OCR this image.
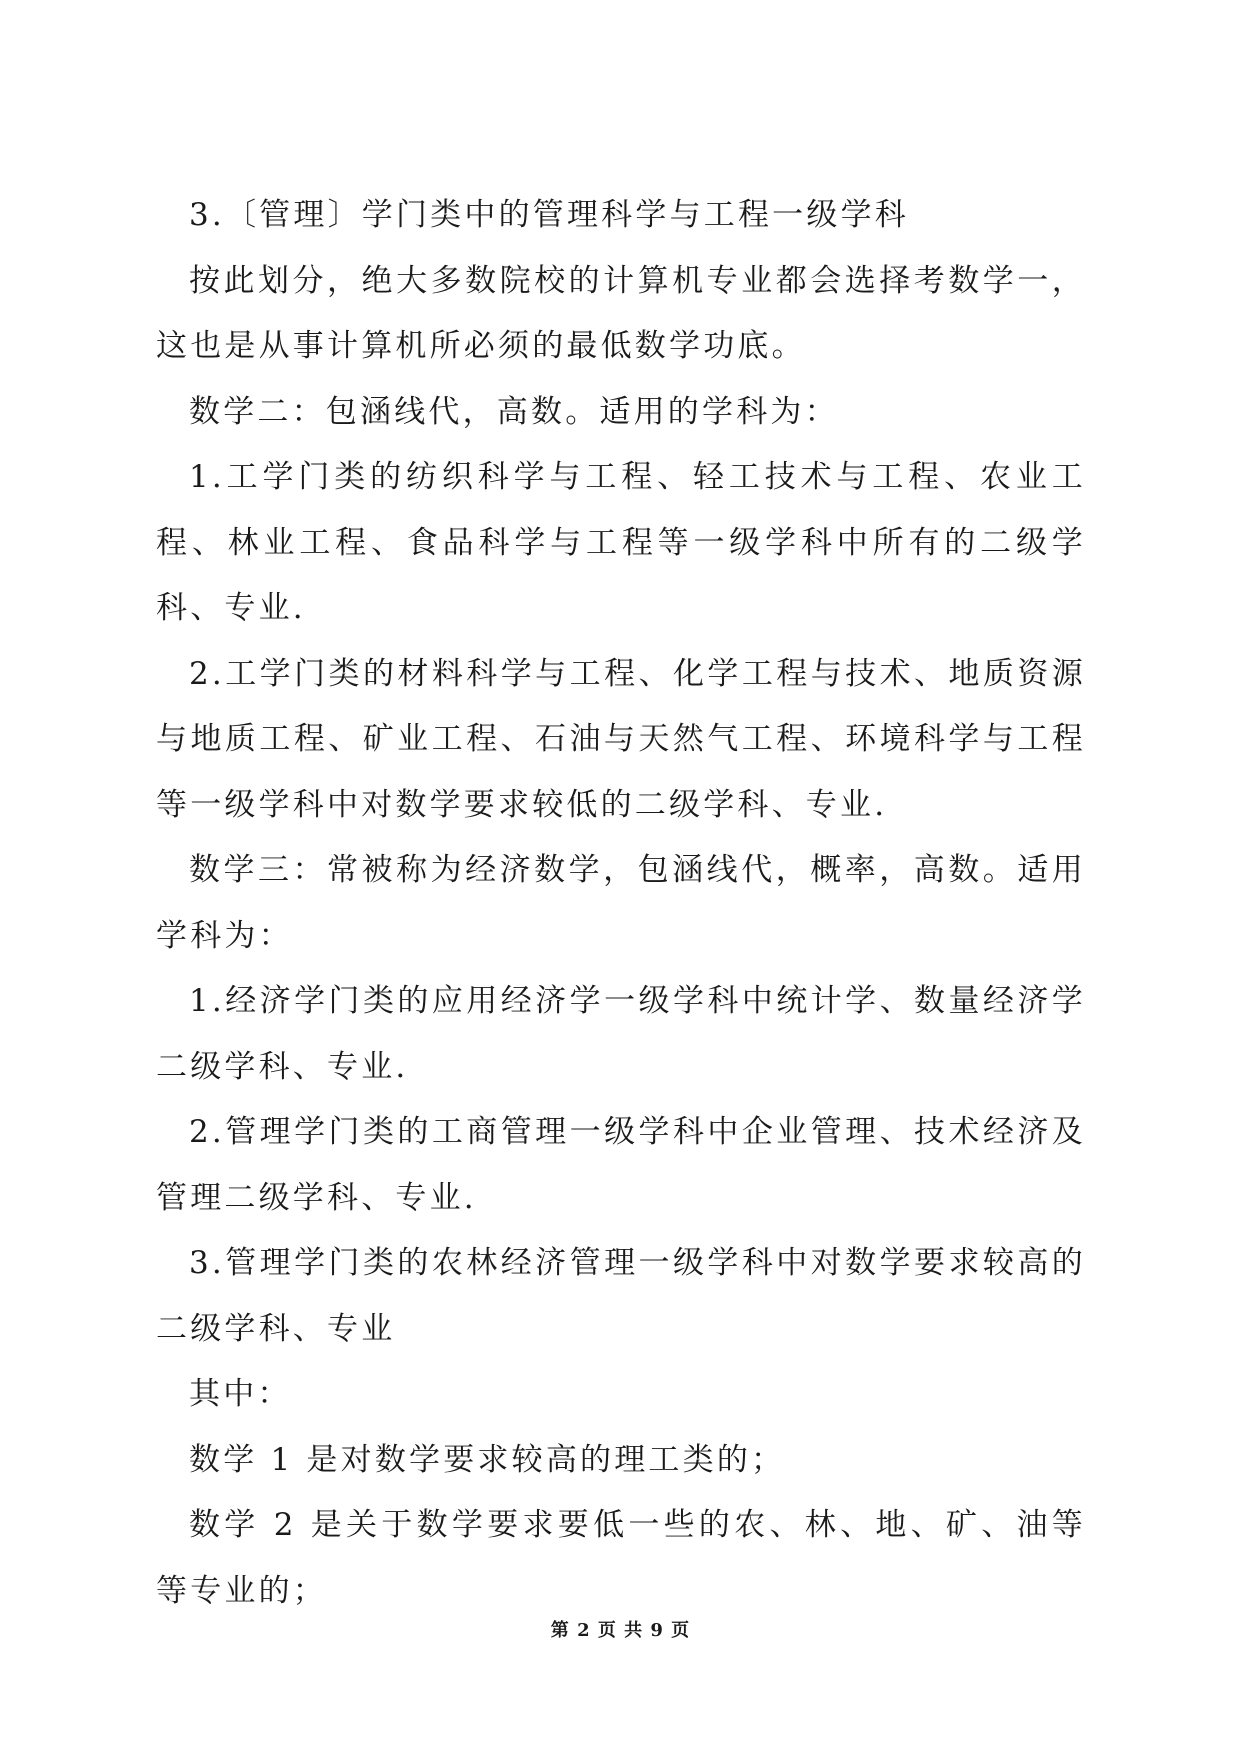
3.〔管理〕学门类中的管理科学与工程一级学科

按此划分，绝大多数院校的计算机专业都会选择考数学一，这也是从事计算机所必须的最低数学功底。

数学二：包涵线代，高数。适用的学科为：

1.工学门类的纺织科学与工程、轻工技术与工程、农业工程、林业工程、食品科学与工程等一级学科中所有的二级学科、专业.

2.工学门类的材料科学与工程、化学工程与技术、地质资源与地质工程、矿业工程、石油与天然气工程、环境科学与工程等一级学科中对数学要求较低的二级学科、专业.

数学三：常被称为经济数学，包涵线代，概率，高数。适用学科为：

1.经济学门类的应用经济学一级学科中统计学、数量经济学二级学科、专业.

2.管理学门类的工商管理一级学科中企业管理、技术经济及管理二级学科、专业.

3.管理学门类的农林经济管理一级学科中对数学要求较高的二级学科、专业

其中：

数学 1 是对数学要求较高的理工类的；

数学 2 是关于数学要求要低一些的农、林、地、矿、油等等专业的；

第 2 页 共 9 页
